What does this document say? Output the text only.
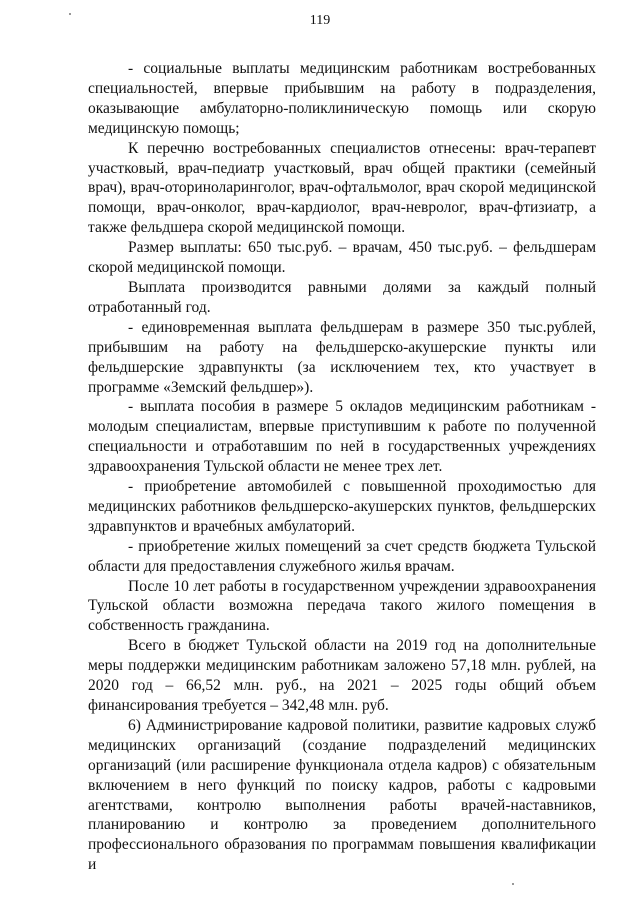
119

- социальные выплаты медицинским работникам востребованных специальностей, впервые прибывшим на работу в подразделения, оказывающие амбулаторно-поликлиническую помощь или скорую медицинскую помощь;

К перечню востребованных специалистов отнесены: врач-терапевт участковый, врач-педиатр участковый, врач общей практики (семейный врач), врач-оториноларинголог, врач-офтальмолог, врач скорой медицинской помощи, врач-онколог, врач-кардиолог, врач-невролог, врач-фтизиатр, а также фельдшера скорой медицинской помощи.

Размер выплаты: 650 тыс.руб. – врачам, 450 тыс.руб. – фельдшерам скорой медицинской помощи.

Выплата производится равными долями за каждый полный отработанный год.

- единовременная выплата фельдшерам в размере 350 тыс.рублей, прибывшим на работу на фельдшерско-акушерские пункты или фельдшерские здравпункты (за исключением тех, кто участвует в программе «Земский фельдшер»).

- выплата пособия в размере 5 окладов медицинским работникам - молодым специалистам, впервые приступившим к работе по полученной специальности и отработавшим по ней в государственных учреждениях здравоохранения Тульской области не менее трех лет.

- приобретение автомобилей с повышенной проходимостью для медицинских работников фельдшерско-акушерских пунктов, фельдшерских здравпунктов и врачебных амбулаторий.

- приобретение жилых помещений за счет средств бюджета Тульской области для предоставления служебного жилья врачам.

После 10 лет работы в государственном учреждении здравоохранения Тульской области возможна передача такого жилого помещения в собственность гражданина.

Всего в бюджет Тульской области на 2019 год на дополнительные меры поддержки медицинским работникам заложено 57,18 млн. рублей, на 2020 год – 66,52 млн. руб., на 2021 – 2025 годы общий объем финансирования требуется – 342,48 млн. руб.

6) Администрирование кадровой политики, развитие кадровых служб медицинских организаций (создание подразделений медицинских организаций (или расширение функционала отдела кадров) с обязательным включением в него функций по поиску кадров, работы с кадровыми агентствами, контролю выполнения работы врачей-наставников, планированию и контролю за проведением дополнительного профессионального образования по программам повышения квалификации и
